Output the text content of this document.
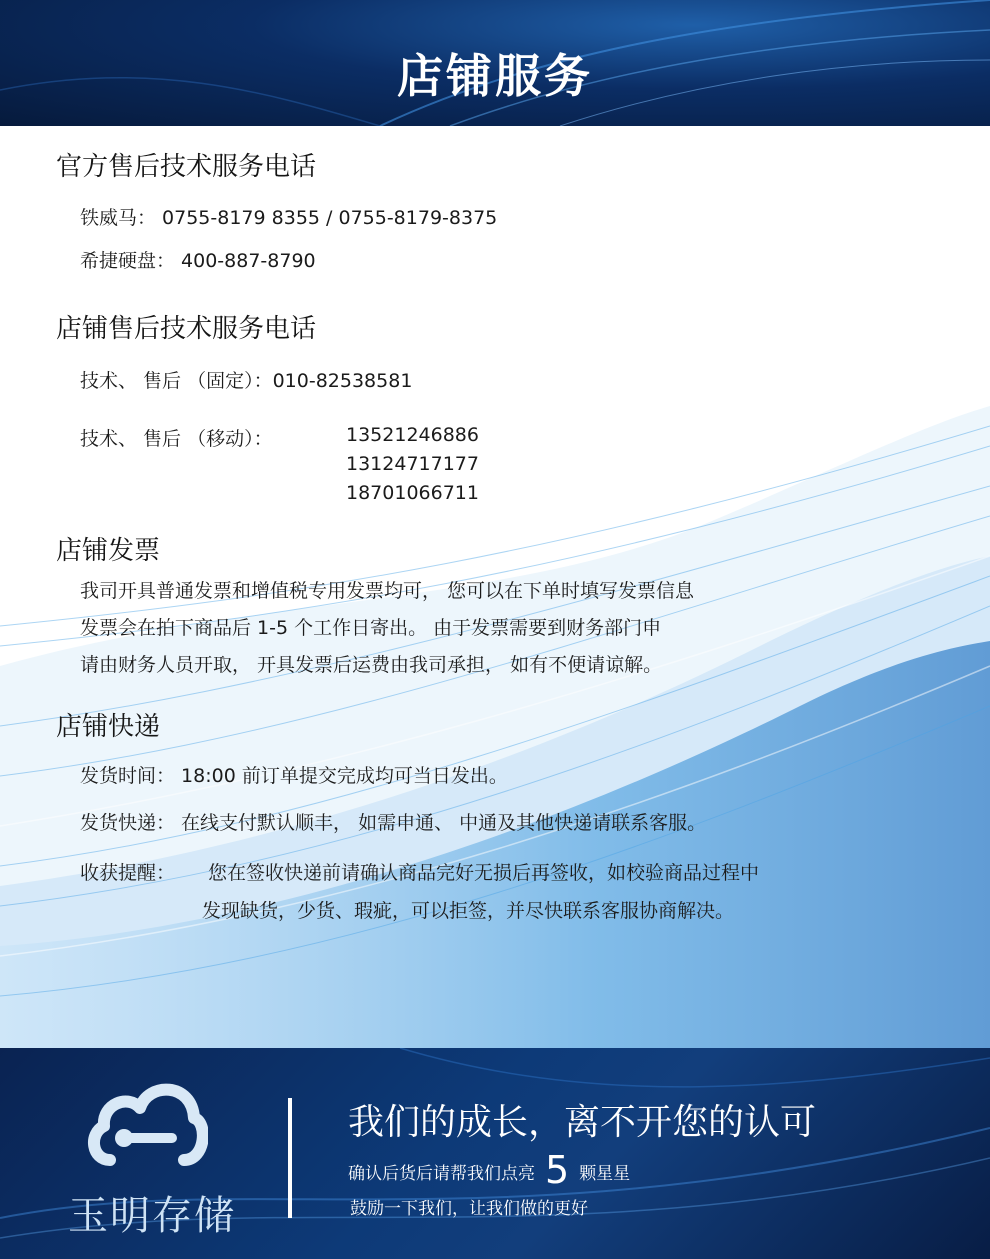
店铺服务
官方售后技术服务电话
铁威马： 0755-8179 8355 / 0755-8179-8375
希捷硬盘： 400-887-8790
店铺售后技术服务电话
技术、 售后 （固定）：010-82538581
技术、 售后 （移动）：	13521246886
13124717177
18701066711
店铺发票
我司开具普通发票和增值税专用发票均可， 您可以在下单时填写发票信息
发票会在拍下商品后 1-5 个工作日寄出。 由于发票需要到财务部门申
请由财务人员开取， 开具发票后运费由我司承担， 如有不便请谅解。
店铺快递
发货时间： 18:00 前订单提交完成均可当日发出。
发货快递： 在线支付默认顺丰， 如需申通、 中通及其他快递请联系客服。
收获提醒： 您在签收快递前请确认商品完好无损后再签收，如校验商品过程中
发现缺货，少货、瑕疵，可以拒签，并尽快联系客服协商解决。
玉明存储
我们的成长，离不开您的认可
确认后货后请帮我们点亮 5 颗星星
鼓励一下我们，让我们做的更好
